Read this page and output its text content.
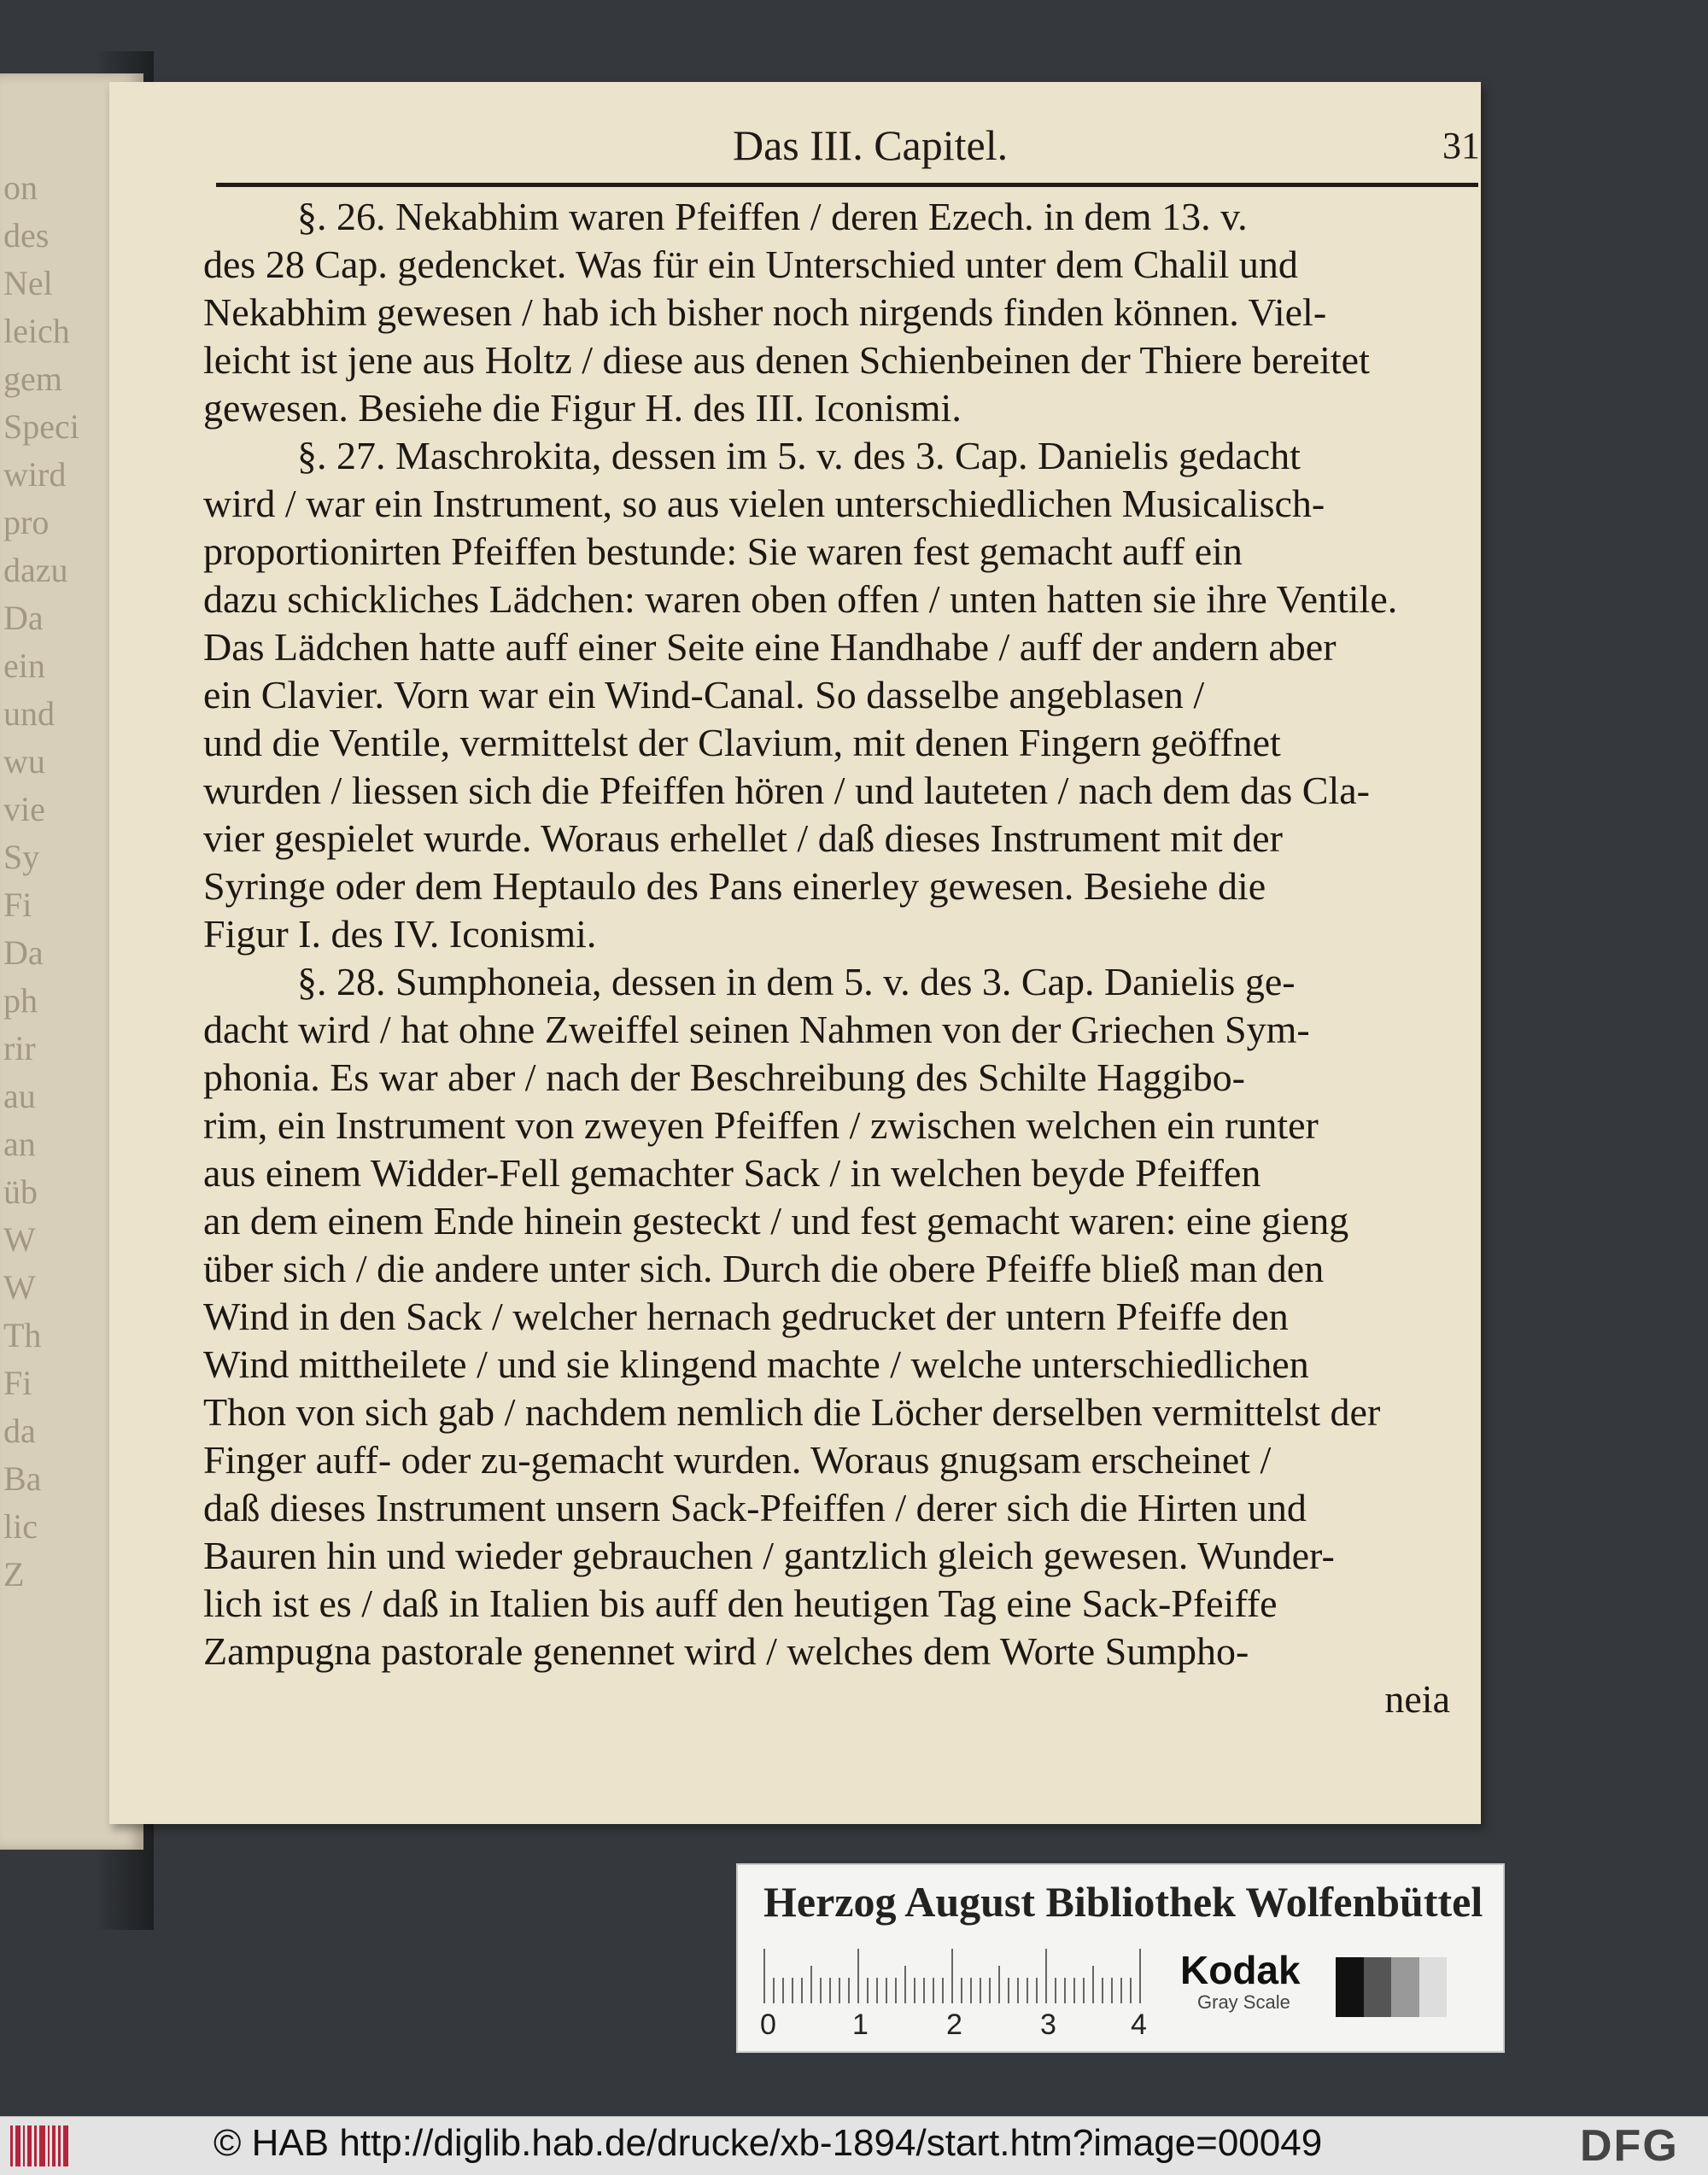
on
des
Nel
leich
gem
Speci
wird
pro
dazu
Da
ein
und
wu
vie
Sy
Fi
Da
ph
rir
au
an
üb
W
W
Th
Fi
da
Ba
lic
Z
Das III. Capitel.	31
§. 26. Nekabhim waren Pfeiffen / deren Ezech. in dem 13. v.
des 28 Cap. gedencket. Was für ein Unterschied unter dem Chalil und
Nekabhim gewesen / hab ich bisher noch nirgends finden können. Viel-
leicht ist jene aus Holtz / diese aus denen Schienbeinen der Thiere bereitet
gewesen. Besiehe die Figur H. des III. Iconismi.
§. 27. Maschrokita, dessen im 5. v. des 3. Cap. Danielis gedacht
wird / war ein Instrument, so aus vielen unterschiedlichen Musicalisch-
proportionirten Pfeiffen bestunde: Sie waren fest gemacht auff ein
dazu schickliches Lädchen: waren oben offen / unten hatten sie ihre Ventile.
Das Lädchen hatte auff einer Seite eine Handhabe / auff der andern aber
ein Clavier. Vorn war ein Wind-Canal. So dasselbe angeblasen /
und die Ventile, vermittelst der Clavium, mit denen Fingern geöffnet
wurden / liessen sich die Pfeiffen hören / und lauteten / nach dem das Cla-
vier gespielet wurde. Woraus erhellet / daß dieses Instrument mit der
Syringe oder dem Heptaulo des Pans einerley gewesen. Besiehe die
Figur I. des IV. Iconismi.
§. 28. Sumphoneia, dessen in dem 5. v. des 3. Cap. Danielis ge-
dacht wird / hat ohne Zweiffel seinen Nahmen von der Griechen Sym-
phonia. Es war aber / nach der Beschreibung des Schilte Haggibo-
rim, ein Instrument von zweyen Pfeiffen / zwischen welchen ein runter
aus einem Widder-Fell gemachter Sack / in welchen beyde Pfeiffen
an dem einem Ende hinein gesteckt / und fest gemacht waren: eine gieng
über sich / die andere unter sich. Durch die obere Pfeiffe bließ man den
Wind in den Sack / welcher hernach gedrucket der untern Pfeiffe den
Wind mittheilete / und sie klingend machte / welche unterschiedlichen
Thon von sich gab / nachdem nemlich die Löcher derselben vermittelst der
Finger auff- oder zu-gemacht wurden. Woraus gnugsam erscheinet /
daß dieses Instrument unsern Sack-Pfeiffen / derer sich die Hirten und
Bauren hin und wieder gebrauchen / gantzlich gleich gewesen. Wunder-
lich ist es / daß in Italien bis auff den heutigen Tag eine Sack-Pfeiffe
Zampugna pastorale genennet wird / welches dem Worte Sumpho-
neia
Herzog August Bibliothek Wolfenbüttel
0	1	2	3	4
Kodak
Gray Scale
© HAB http://diglib.hab.de/drucke/xb-1894/start.htm?image=00049	DFG
